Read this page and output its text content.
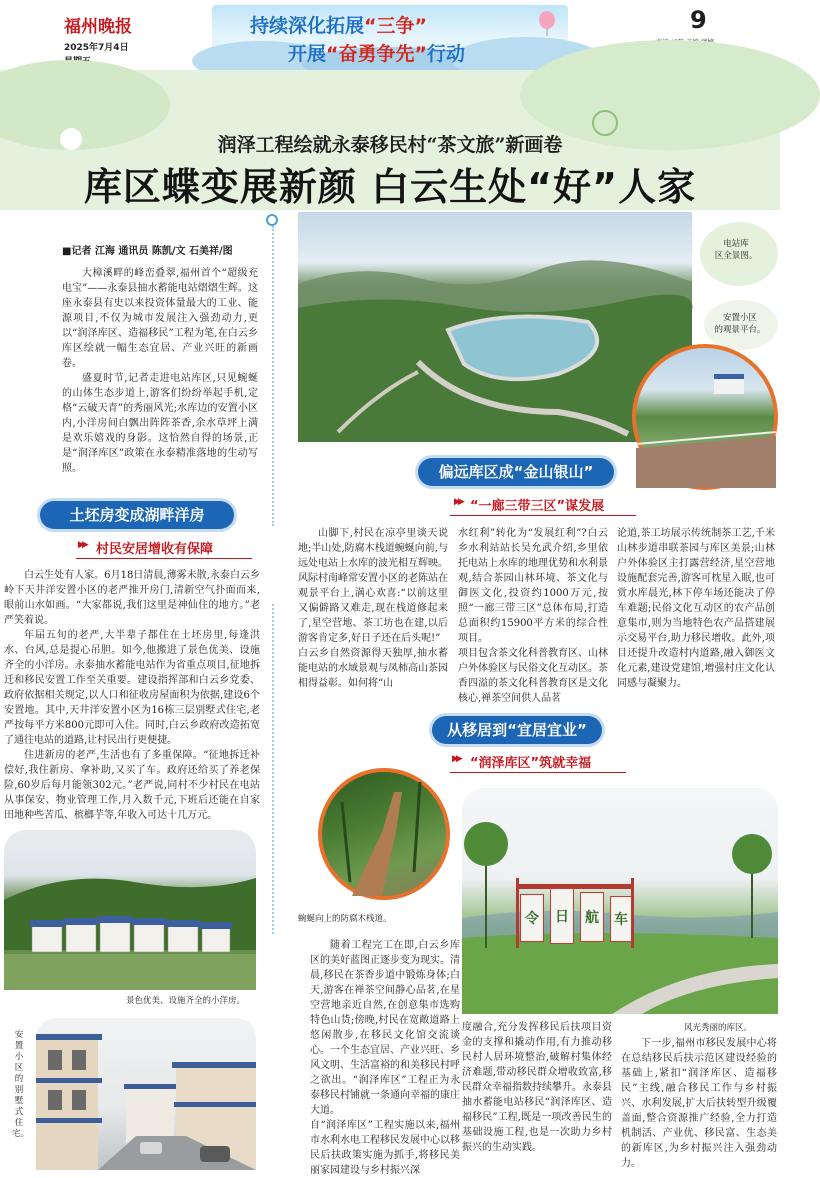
福州晚报
2025年7月4日
持续深化拓展“三争”
开展“奋勇争先”行动
9
润泽工程绘就永泰移民村“茶文旅”新画卷
库区蝶变展新颜 白云生处“好”人家
■记者 江海 通讯员 陈凯/文 石美祥/图

大樟溪畔的峰峦叠翠,福州首个“超级充电宝”——永泰县抽水蓄能电站熠熠生辉。这座永泰县有史以来投资体量最大的工业、能源项目,不仅为城市发展注入强劲动力,更以“润泽库区、造福移民”工程为笔,在白云乡库区绘就一幅生态宜居、产业兴旺的新画卷。

盛夏时节,记者走进电站库区,只见蜿蜒的山体生态步道上,游客们纷纷举起手机,定格“云破天青”的秀丽风光;水库边的安置小区内,小洋房间白飘出阵阵茶香,余水草坪上满是欢乐嬉戏的身影。这恰然自得的场景,正是“润泽库区”政策在永泰精准落地的生动写照。

土坯房变成湖畔洋房
村民安居增收有保障
▶▶

白云生处有人家。6月18日清晨,薄雾未散,永泰白云乡岭下天井洋安置小区的老严推开房门,清新空气扑面而来,眼前山水如画。“大家都说,我们这里是神仙住的地方。”老严笑着说。

年届五旬的老严,大半辈子都住在土坯房里,每逢洪水、台风,总是提心吊胆。如今,他搬进了景色优美、设施齐全的小洋房。永泰抽水蓄能电站作为省重点项目,征地拆迁和移民安置工作至关重要。建设指挥部和白云乡党委、政府依据相关规定,以人口和征收房屋面积为依据,建设6个安置地。其中,天井洋安置小区为16栋三层别墅式住宅,老严按每平方米800元即可入住。同时,白云乡政府改造拓宽了通往电站的道路,让村民出行更便捷。

住进新房的老严,生活也有了多重保障。“征地拆迁补偿好,我住新房、拿补助,又买了车。政府还给买了养老保险,60岁后每月能领302元。”老严说,同村不少村民在电站从事保安、物业管理工作,月入数千元,下班后还能在自家田地种些苦瓜、槟榔芋等,年收入可达十几万元。

电站库
区全景图。
安置小区
的观景平台。
偏远库区成“金山银山”
“一廊三带三区”谋发展
▶▶
山脚下,村民在凉亭里谈天说地;半山处,防腐木栈道蜿蜒向前,与远处电站上水库的波光相互辉映。风际村南峰常安置小区的老陈站在观景平台上,满心欢喜:“以前这里又偏僻路又难走,现在栈道修起来了,星空营地、茶工坊也在建,以后游客肯定多,好日子还在后头呢!”
白云乡自然资源得天独厚,抽水蓄能电站的水域景观与凤柿高山茶园相得益彰。如何将“山
水红利”转化为“发展红利”?白云乡水利站站长吴允武介绍,乡里依托电站上水库的地理优势和水利景观,结合茶园山林环境、茶文化与御医文化,投资约1000万元,按照“一廊三带三区”总体布局,打造总面积约15900平方米的综合性项目。
项目包含茶文化科普教育区、山林户外体验区与民俗文化互动区。茶香四溢的茶文化科普教育区是文化核心,禅茶空间供人品茗
论道,茶工坊展示传统制茶工艺,千米山林步道串联茶园与库区美景;山林户外体验区主打露营经济,星空营地设施配套完善,游客可枕星入眠,也可赏水库晨光,林下停车场还能决了停车难题;民俗文化互动区的农产品创意集市,则为当地特色农产品搭建展示交易平台,助力移民增收。此外,项目还提升改造村内道路,融入御医文化元素,建设党建馆,增强村庄文化认同感与凝聚力。
从移居到“宜居宜业”
“润泽库区”筑就幸福
▶▶
蜿蜒向上的防腐木栈道。	令	日	航	车
风光秀丽的库区。
景色优美、设施齐全的小洋房。
安置小区的别墅式住宅。
随着工程完工在即,白云乡库区的美好蓝图正逐步变为现实。清晨,移民在茶香步道中锻炼身体;白天,游客在禅茶空间静心品茗,在星空营地亲近自然,在创意集市选购特色山货;傍晚,村民在宽敞道路上悠闲散步,在移民文化馆交流谈心。一个生态宜居、产业兴旺、乡风文明、生活富裕的和美移民村呼之欲出。“润泽库区”工程正为永泰移民村铺就一条通向幸福的康庄大道。
自“润泽库区”工程实施以来,福州市水利水电工程移民发展中心以移民后扶政策实施为抓手,将移民美丽家园建设与乡村振兴深
度融合,充分发挥移民后扶项目资金的支撑和撬动作用,有力推动移民村人居环境整治,破解村集体经济难题,带动移民群众增收致富,移民群众幸福指数持续攀升。永泰县抽水蓄能电站移民“润泽库区、造福移民”工程,既是一项改善民生的基础设施工程,也是一次助力乡村振兴的生动实践。
下一步,福州市移民发展中心将在总结移民后扶示范区建设经验的基础上,紧扣“润泽库区、造福移民”主线,融合移民工作与乡村振兴、水利发展,扩大后扶转型升级覆盖面,整合资源推广经验,全力打造机制活、产业优、移民富、生态美的新库区,为乡村振兴注入强劲动力。
